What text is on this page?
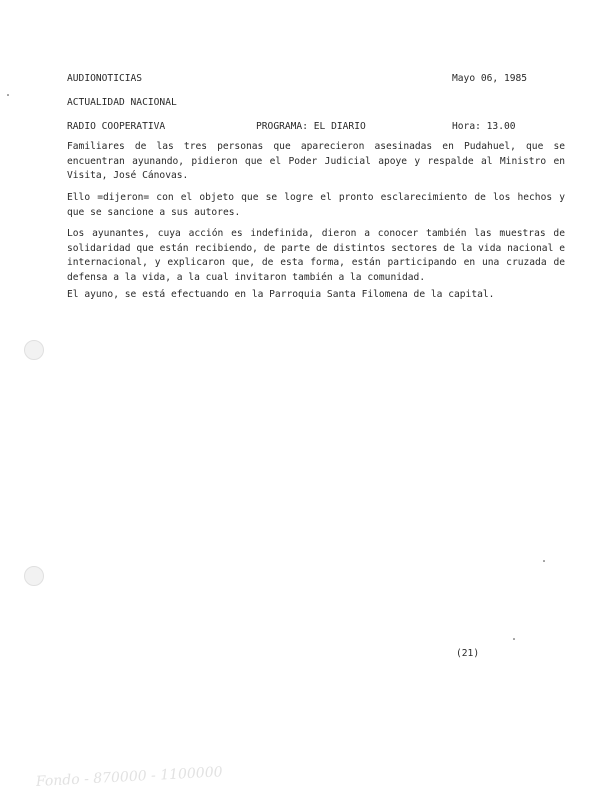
AUDIONOTICIAS	Mayo 06, 1985
ACTUALIDAD NACIONAL
RADIO COOPERATIVA	PROGRAMA: EL DIARIO	Hora: 13.00
Familiares de las tres personas que aparecieron asesinadas en Pudahuel, que se encuentran ayunando, pidieron que el Poder Judicial apoye y respalde al Ministro en Visita, José Cánovas.
Ello =dijeron= con el objeto que se logre el pronto esclarecimiento de los hechos y que se sancione a sus autores.
Los ayunantes, cuya acción es indefinida, dieron a conocer también las muestras de solidaridad que están recibiendo, de parte de distintos sectores de la vida nacional e internacional, y explicaron que, de esta forma, están participando en una cruzada de defensa a la vida, a la cual invitaron también a la comunidad.
El ayuno, se está efectuando en la Parroquia Santa Filomena de la capital.
(21)
Fondo - 870000 - 1100000
